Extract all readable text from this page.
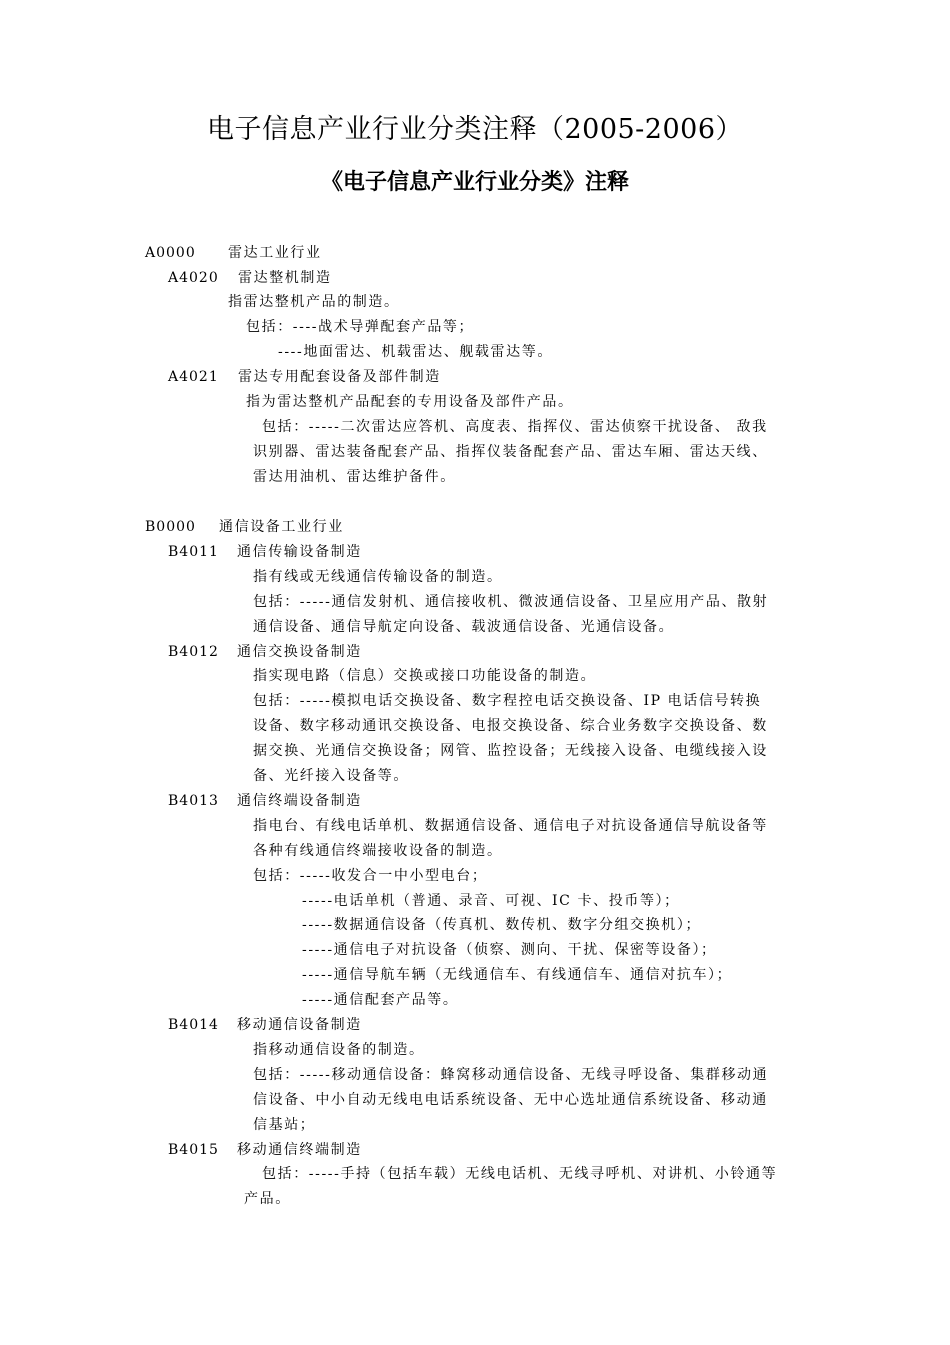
电子信息产业行业分类注释（2005-2006）
《电子信息产业行业分类》注释
A0000 雷达工业行业
A4020 雷达整机制造
指雷达整机产品的制造。
包括：----战术导弹配套产品等；
----地面雷达、机载雷达、舰载雷达等。
A4021 雷达专用配套设备及部件制造
指为雷达整机产品配套的专用设备及部件产品。
包括：-----二次雷达应答机、高度表、指挥仪、雷达侦察干扰设备、 敌我
识别器、雷达装备配套产品、指挥仪装备配套产品、雷达车厢、雷达天线、
雷达用油机、雷达维护备件。
B0000 通信设备工业行业
B4011 通信传输设备制造
指有线或无线通信传输设备的制造。
包括：-----通信发射机、通信接收机、微波通信设备、卫星应用产品、散射
通信设备、通信导航定向设备、载波通信设备、光通信设备。
B4012 通信交换设备制造
指实现电路（信息）交换或接口功能设备的制造。
包括：-----模拟电话交换设备、数字程控电话交换设备、IP 电话信号转换
设备、数字移动通讯交换设备、电报交换设备、综合业务数字交换设备、数
据交换、光通信交换设备；网管、监控设备；无线接入设备、电缆线接入设
备、光纤接入设备等。
B4013 通信终端设备制造
指电台、有线电话单机、数据通信设备、通信电子对抗设备通信导航设备等
各种有线通信终端接收设备的制造。
包括：-----收发合一中小型电台；
-----电话单机（普通、录音、可视、IC 卡、投币等）；
-----数据通信设备（传真机、数传机、数字分组交换机）；
-----通信电子对抗设备（侦察、测向、干扰、保密等设备）；
-----通信导航车辆（无线通信车、有线通信车、通信对抗车）；
-----通信配套产品等。
B4014 移动通信设备制造
指移动通信设备的制造。
包括：-----移动通信设备：蜂窝移动通信设备、无线寻呼设备、集群移动通
信设备、中小自动无线电电话系统设备、无中心选址通信系统设备、移动通
信基站；
B4015 移动通信终端制造
包括：-----手持（包括车载）无线电话机、无线寻呼机、对讲机、小铃通等
产品。
